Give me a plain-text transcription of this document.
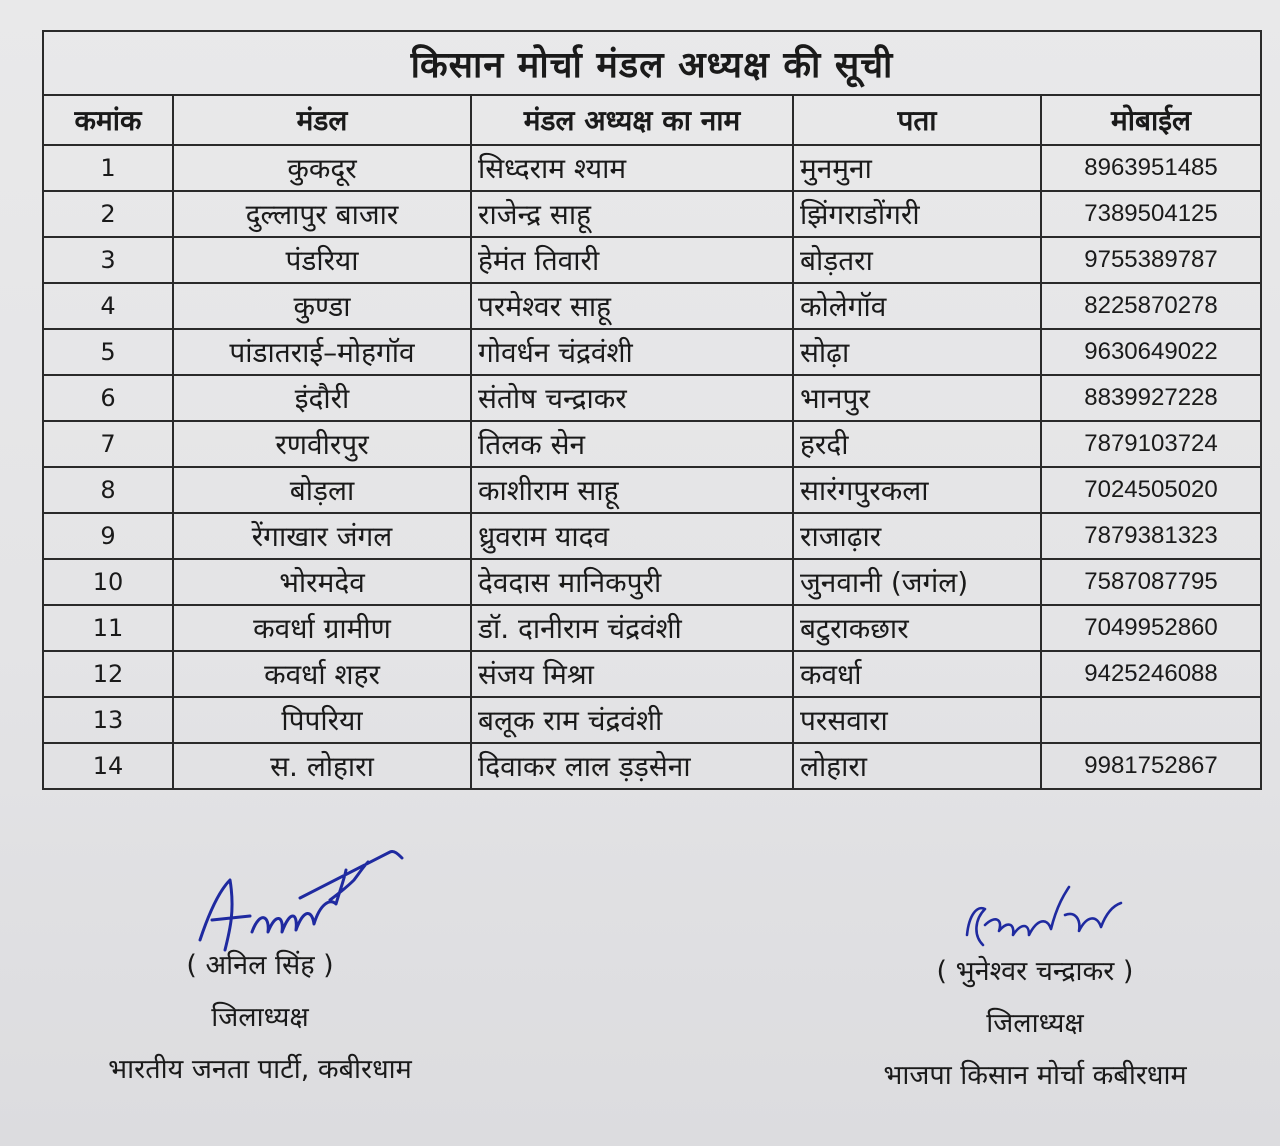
किसान मोर्चा मंडल अध्यक्ष की सूची				
कमांक	मंडल	मंडल अध्यक्ष का नाम	पता	मोबाईल
1	कुकदूर	सिध्दराम श्याम	मुनमुना	8963951485
2	दुल्लापुर बाजार	राजेन्द्र साहू	झिंगराडोंगरी	7389504125
3	पंडरिया	हेमंत तिवारी	बोड़तरा	9755389787
4	कुण्डा	परमेश्वर साहू	कोलेगॉव	8225870278
5	पांडातराई–मोहगॉव	गोवर्धन चंद्रवंशी	सोढ़ा	9630649022
6	इंदौरी	संतोष चन्द्राकर	भानपुर	8839927228
7	रणवीरपुर	तिलक सेन	हरदी	7879103724
8	बोड़ला	काशीराम साहू	सारंगपुरकला	7024505020
9	रेंगाखार जंगल	ध्रुवराम यादव	राजाढ़ार	7879381323
10	भोरमदेव	देवदास मानिकपुरी	जुनवानी (जगंल)	7587087795
11	कवर्धा ग्रामीण	डॉ. दानीराम चंद्रवंशी	बटुराकछार	7049952860
12	कवर्धा शहर	संजय मिश्रा	कवर्धा	9425246088
13	पिपरिया	बलूक राम चंद्रवंशी	परसवारा	
14	स. लोहारा	दिवाकर लाल ड़ड़सेना	लोहारा	9981752867
( अनिल सिंह )
जिलाध्यक्ष
भारतीय जनता पार्टी, कबीरधाम
( भुनेश्वर चन्द्राकर )
जिलाध्यक्ष
भाजपा किसान मोर्चा कबीरधाम
